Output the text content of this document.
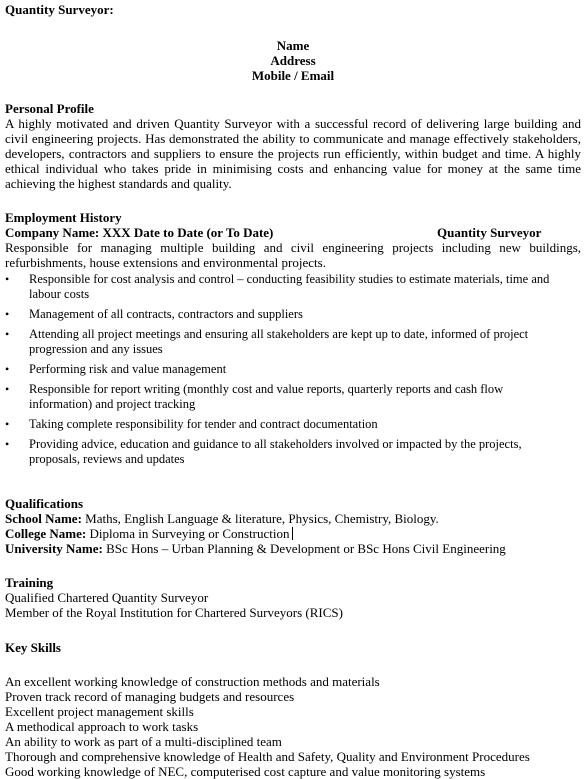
Quantity Surveyor:
Name
Address
Mobile / Email
Personal Profile
A highly motivated and driven Quantity Surveyor with a successful record of delivering large building and civil engineering projects. Has demonstrated the ability to communicate and manage effectively stakeholders, developers, contractors and suppliers to ensure the projects run efficiently, within budget and time. A highly ethical individual who takes pride in minimising costs and enhancing value for money at the same time achieving the highest standards and quality.
Employment History
Company Name: XXX Date to Date (or To Date)	Quantity Surveyor
Responsible for managing multiple building and civil engineering projects including new buildings, refurbishments, house extensions and environmental projects.
• Responsible for cost analysis and control – conducting feasibility studies to estimate materials, time and labour costs
• Management of all contracts, contractors and suppliers
• Attending all project meetings and ensuring all stakeholders are kept up to date, informed of project progression and any issues
• Performing risk and value management
• Responsible for report writing (monthly cost and value reports, quarterly reports and cash flow information) and project tracking
• Taking complete responsibility for tender and contract documentation
• Providing advice, education and guidance to all stakeholders involved or impacted by the projects, proposals, reviews and updates
Qualifications
School Name: Maths, English Language & literature, Physics, Chemistry, Biology.
College Name: Diploma in Surveying or Construction
University Name: BSc Hons – Urban Planning & Development or BSc Hons Civil Engineering
Training
Qualified Chartered Quantity Surveyor
Member of the Royal Institution for Chartered Surveyors (RICS)
Key Skills
An excellent working knowledge of construction methods and materials
Proven track record of managing budgets and resources
Excellent project management skills
A methodical approach to work tasks
An ability to work as part of a multi-disciplined team
Thorough and comprehensive knowledge of Health and Safety, Quality and Environment Procedures
Good working knowledge of NEC, computerised cost capture and value monitoring systems
